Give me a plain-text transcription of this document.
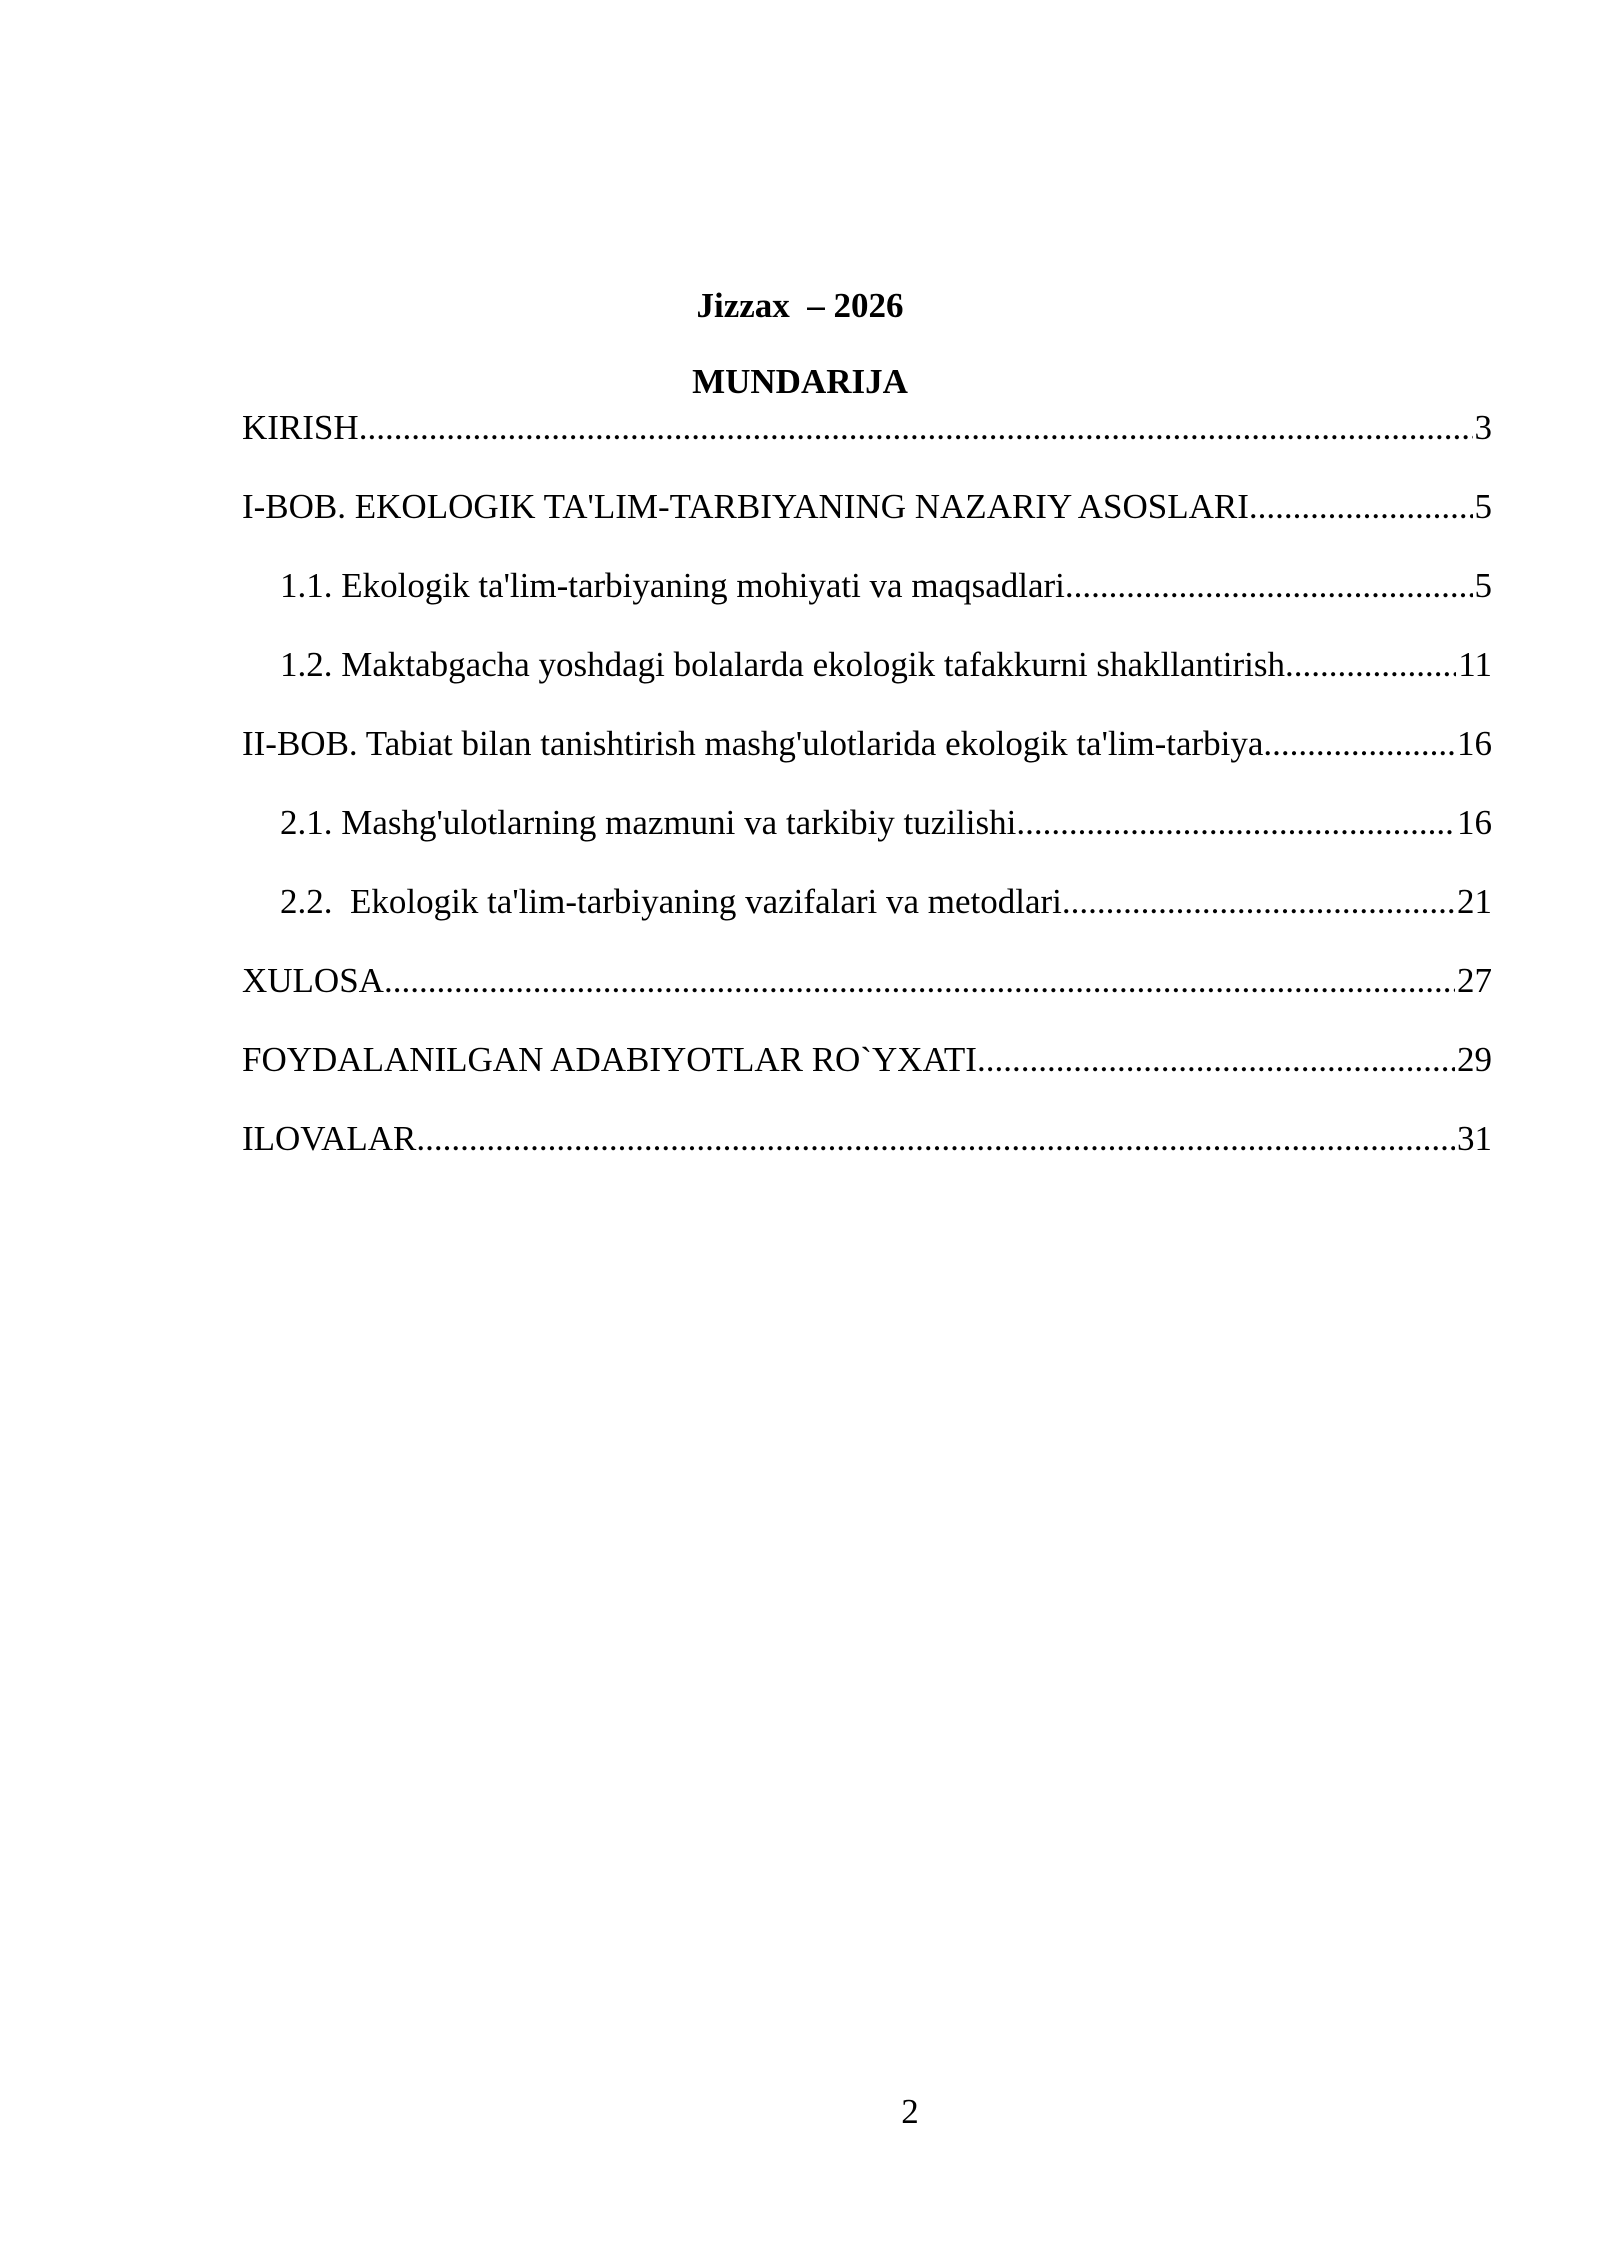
Jizzax  – 2026
MUNDARIJA
KIRISH .....	3
I-BOB. EKOLOGIK TA'LIM-TARBIYANING NAZARIY ASOSLARI .....	5
1.1. Ekologik ta'lim-tarbiyaning mohiyati va maqsadlari .....	5
1.2. Maktabgacha yoshdagi bolalarda ekologik tafakkurni shakllantirish .....	11
II-BOB. Tabiat bilan tanishtirish mashg'ulotlarida ekologik ta'lim-tarbiya .....	16
2.1. Mashg'ulotlarning mazmuni va tarkibiy tuzilishi .....	16
2.2.  Ekologik ta'lim-tarbiyaning vazifalari va metodlari .....	21
XULOSA .....	27
FOYDALANILGAN ADABIYOTLAR RO`YXATI .....	29
ILOVALAR .....	31
2
